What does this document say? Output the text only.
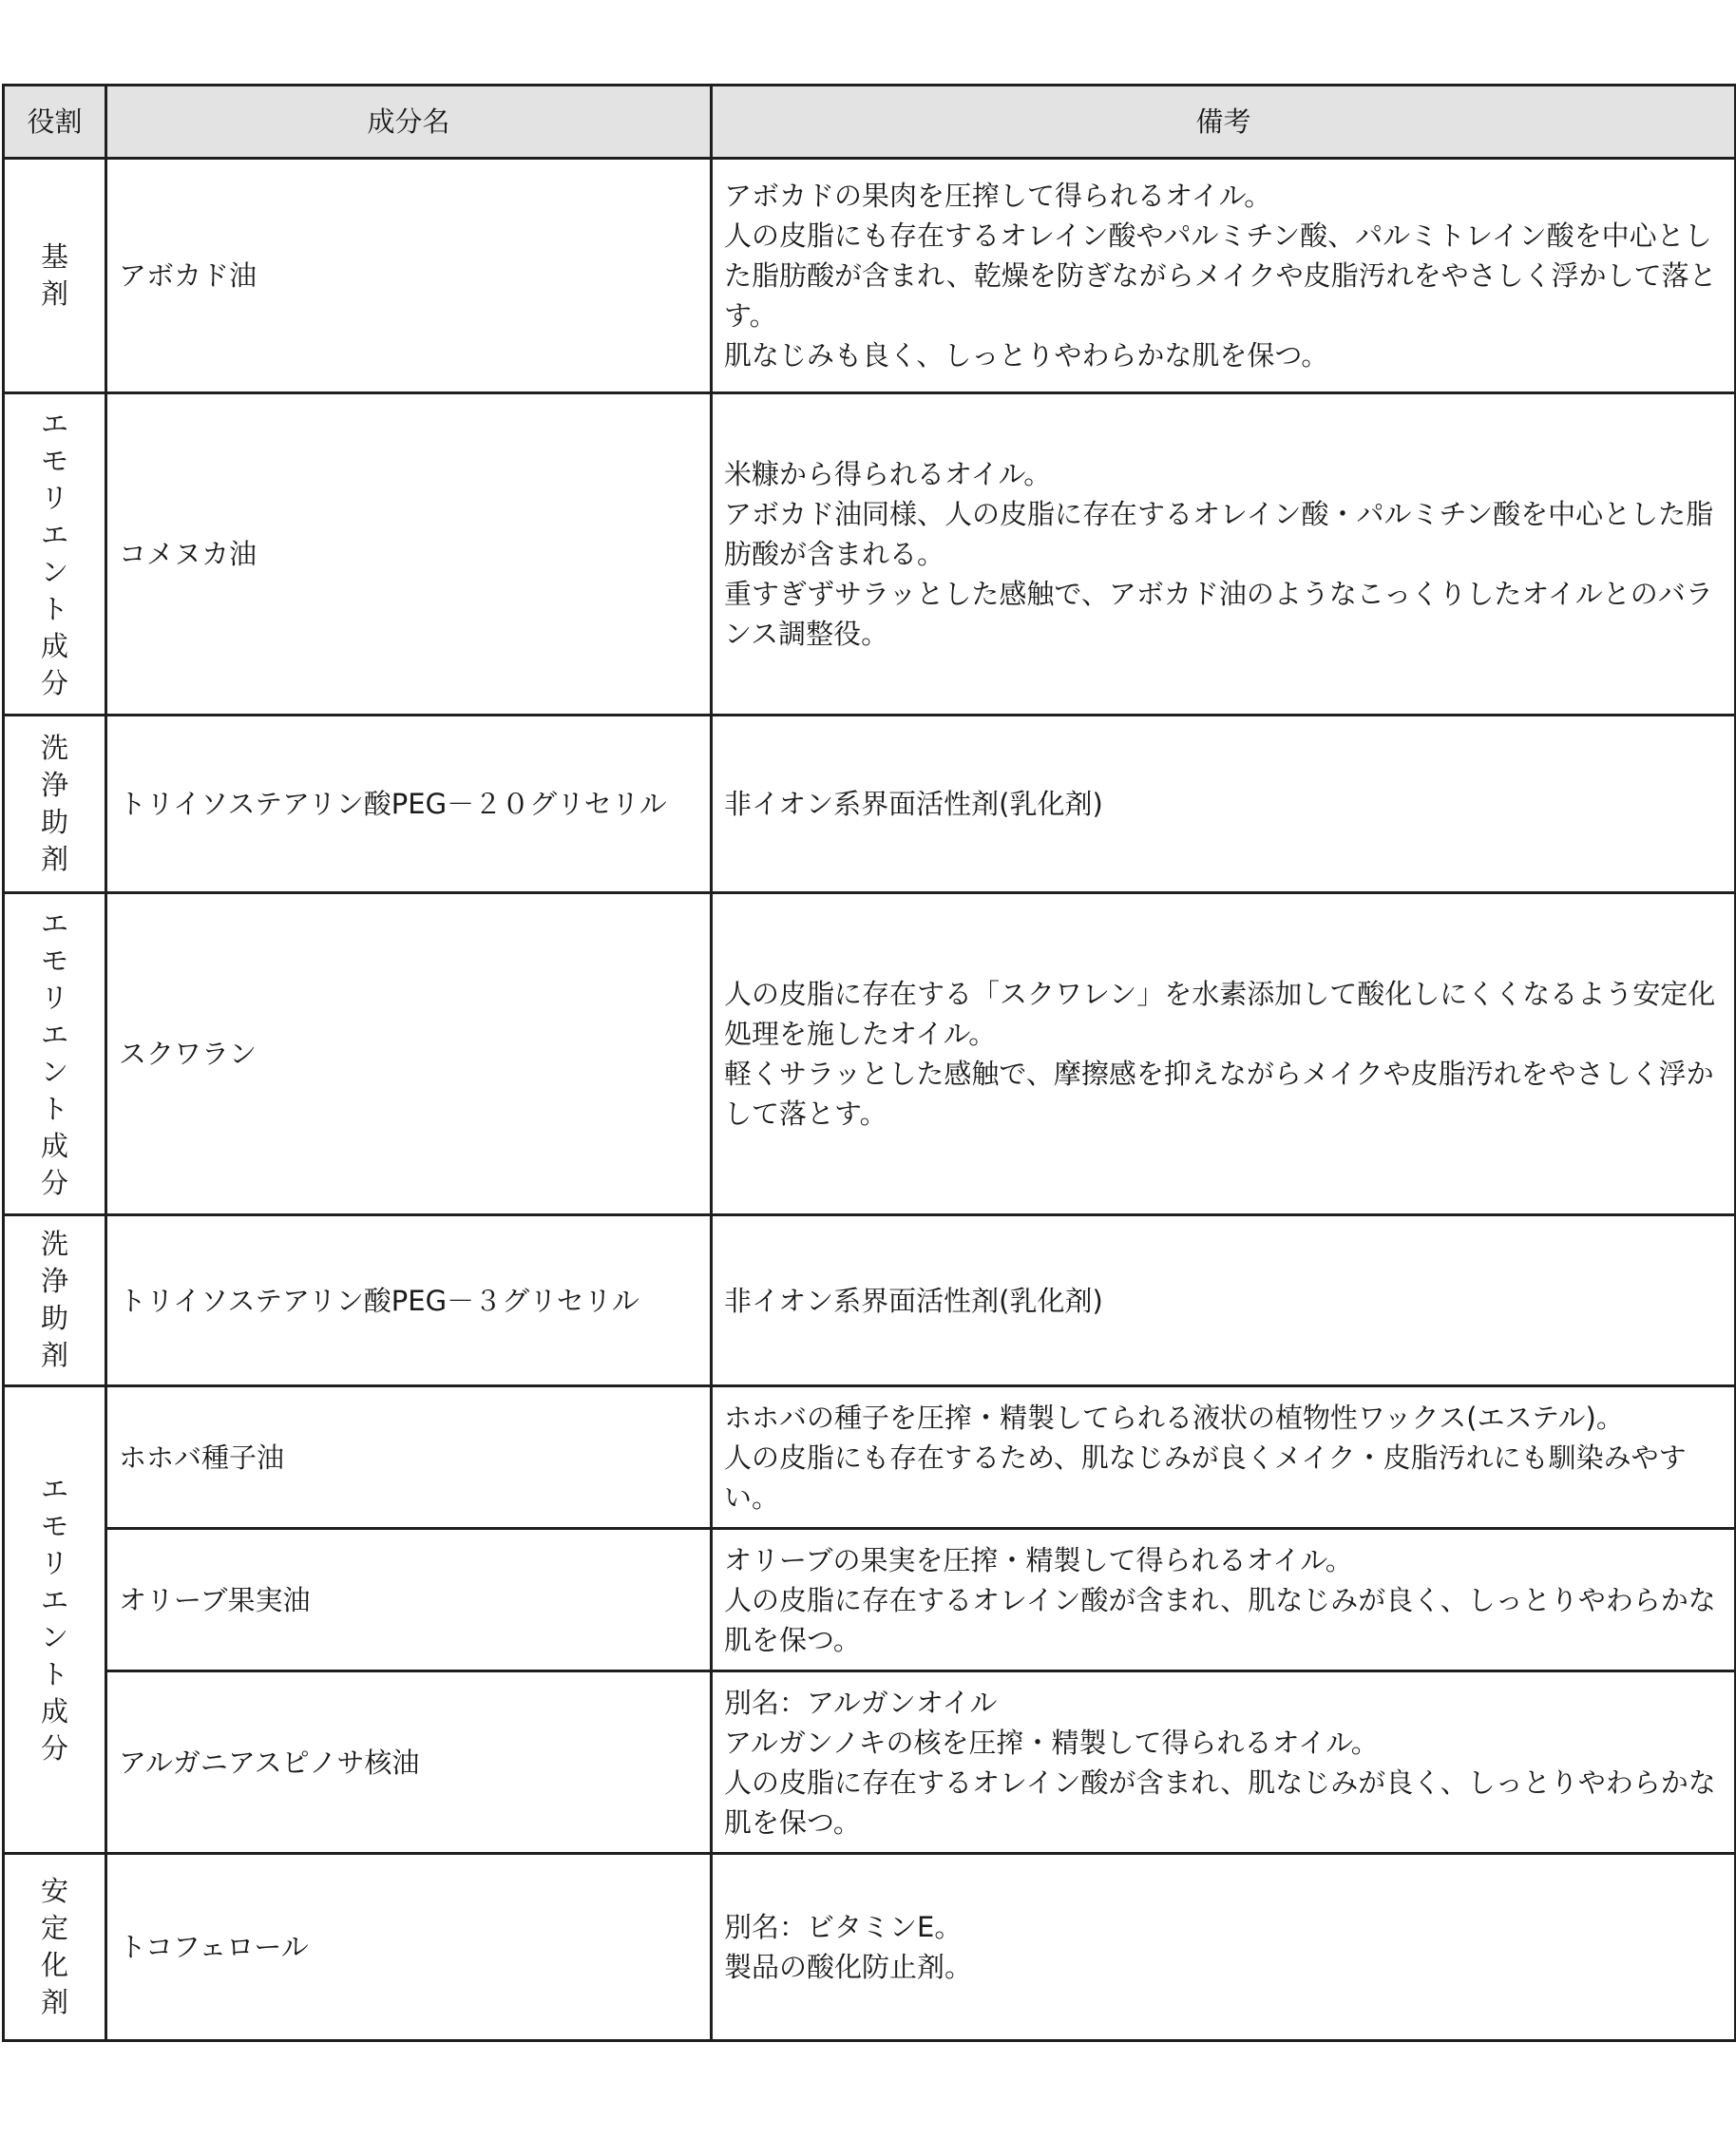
役割	成分名	備考
基剤	アボカド油	アボカドの果肉を圧搾して得られるオイル。
人の皮脂にも存在するオレイン酸やパルミチン酸、パルミトレイン酸を中心とした脂肪酸が含まれ、乾燥を防ぎながらメイクや皮脂汚れをやさしく浮かして落とす。
肌なじみも良く、しっとりやわらかな肌を保つ。

エモリエント成分	コメヌカ油	米糠から得られるオイル。
アボカド油同様、人の皮脂に存在するオレイン酸・パルミチン酸を中心とした脂肪酸が含まれる。
重すぎずサラッとした感触で、アボカド油のようなこっくりしたオイルとのバランス調整役。

洗浄助剤	トリイソステアリン酸PEG－２０グリセリル	非イオン系界面活性剤(乳化剤)

エモリエント成分	スクワラン	人の皮脂に存在する「スクワレン」を水素添加して酸化しにくくなるよう安定化処理を施したオイル。
軽くサラッとした感触で、摩擦感を抑えながらメイクや皮脂汚れをやさしく浮かして落とす。

洗浄助剤	トリイソステアリン酸PEG－３グリセリル	非イオン系界面活性剤(乳化剤)

エモリエント成分	ホホバ種子油	ホホバの種子を圧搾・精製してられる液状の植物性ワックス(エステル)。
人の皮脂にも存在するため、肌なじみが良くメイク・皮脂汚れにも馴染みやすい。

	オリーブ果実油	オリーブの果実を圧搾・精製して得られるオイル。
人の皮脂に存在するオレイン酸が含まれ、肌なじみが良く、しっとりやわらかな肌を保つ。

	アルガニアスピノサ核油	別名：アルガンオイル
アルガンノキの核を圧搾・精製して得られるオイル。
人の皮脂に存在するオレイン酸が含まれ、肌なじみが良く、しっとりやわらかな肌を保つ。

安定化剤	トコフェロール	別名：ビタミンE。
製品の酸化防止剤。
